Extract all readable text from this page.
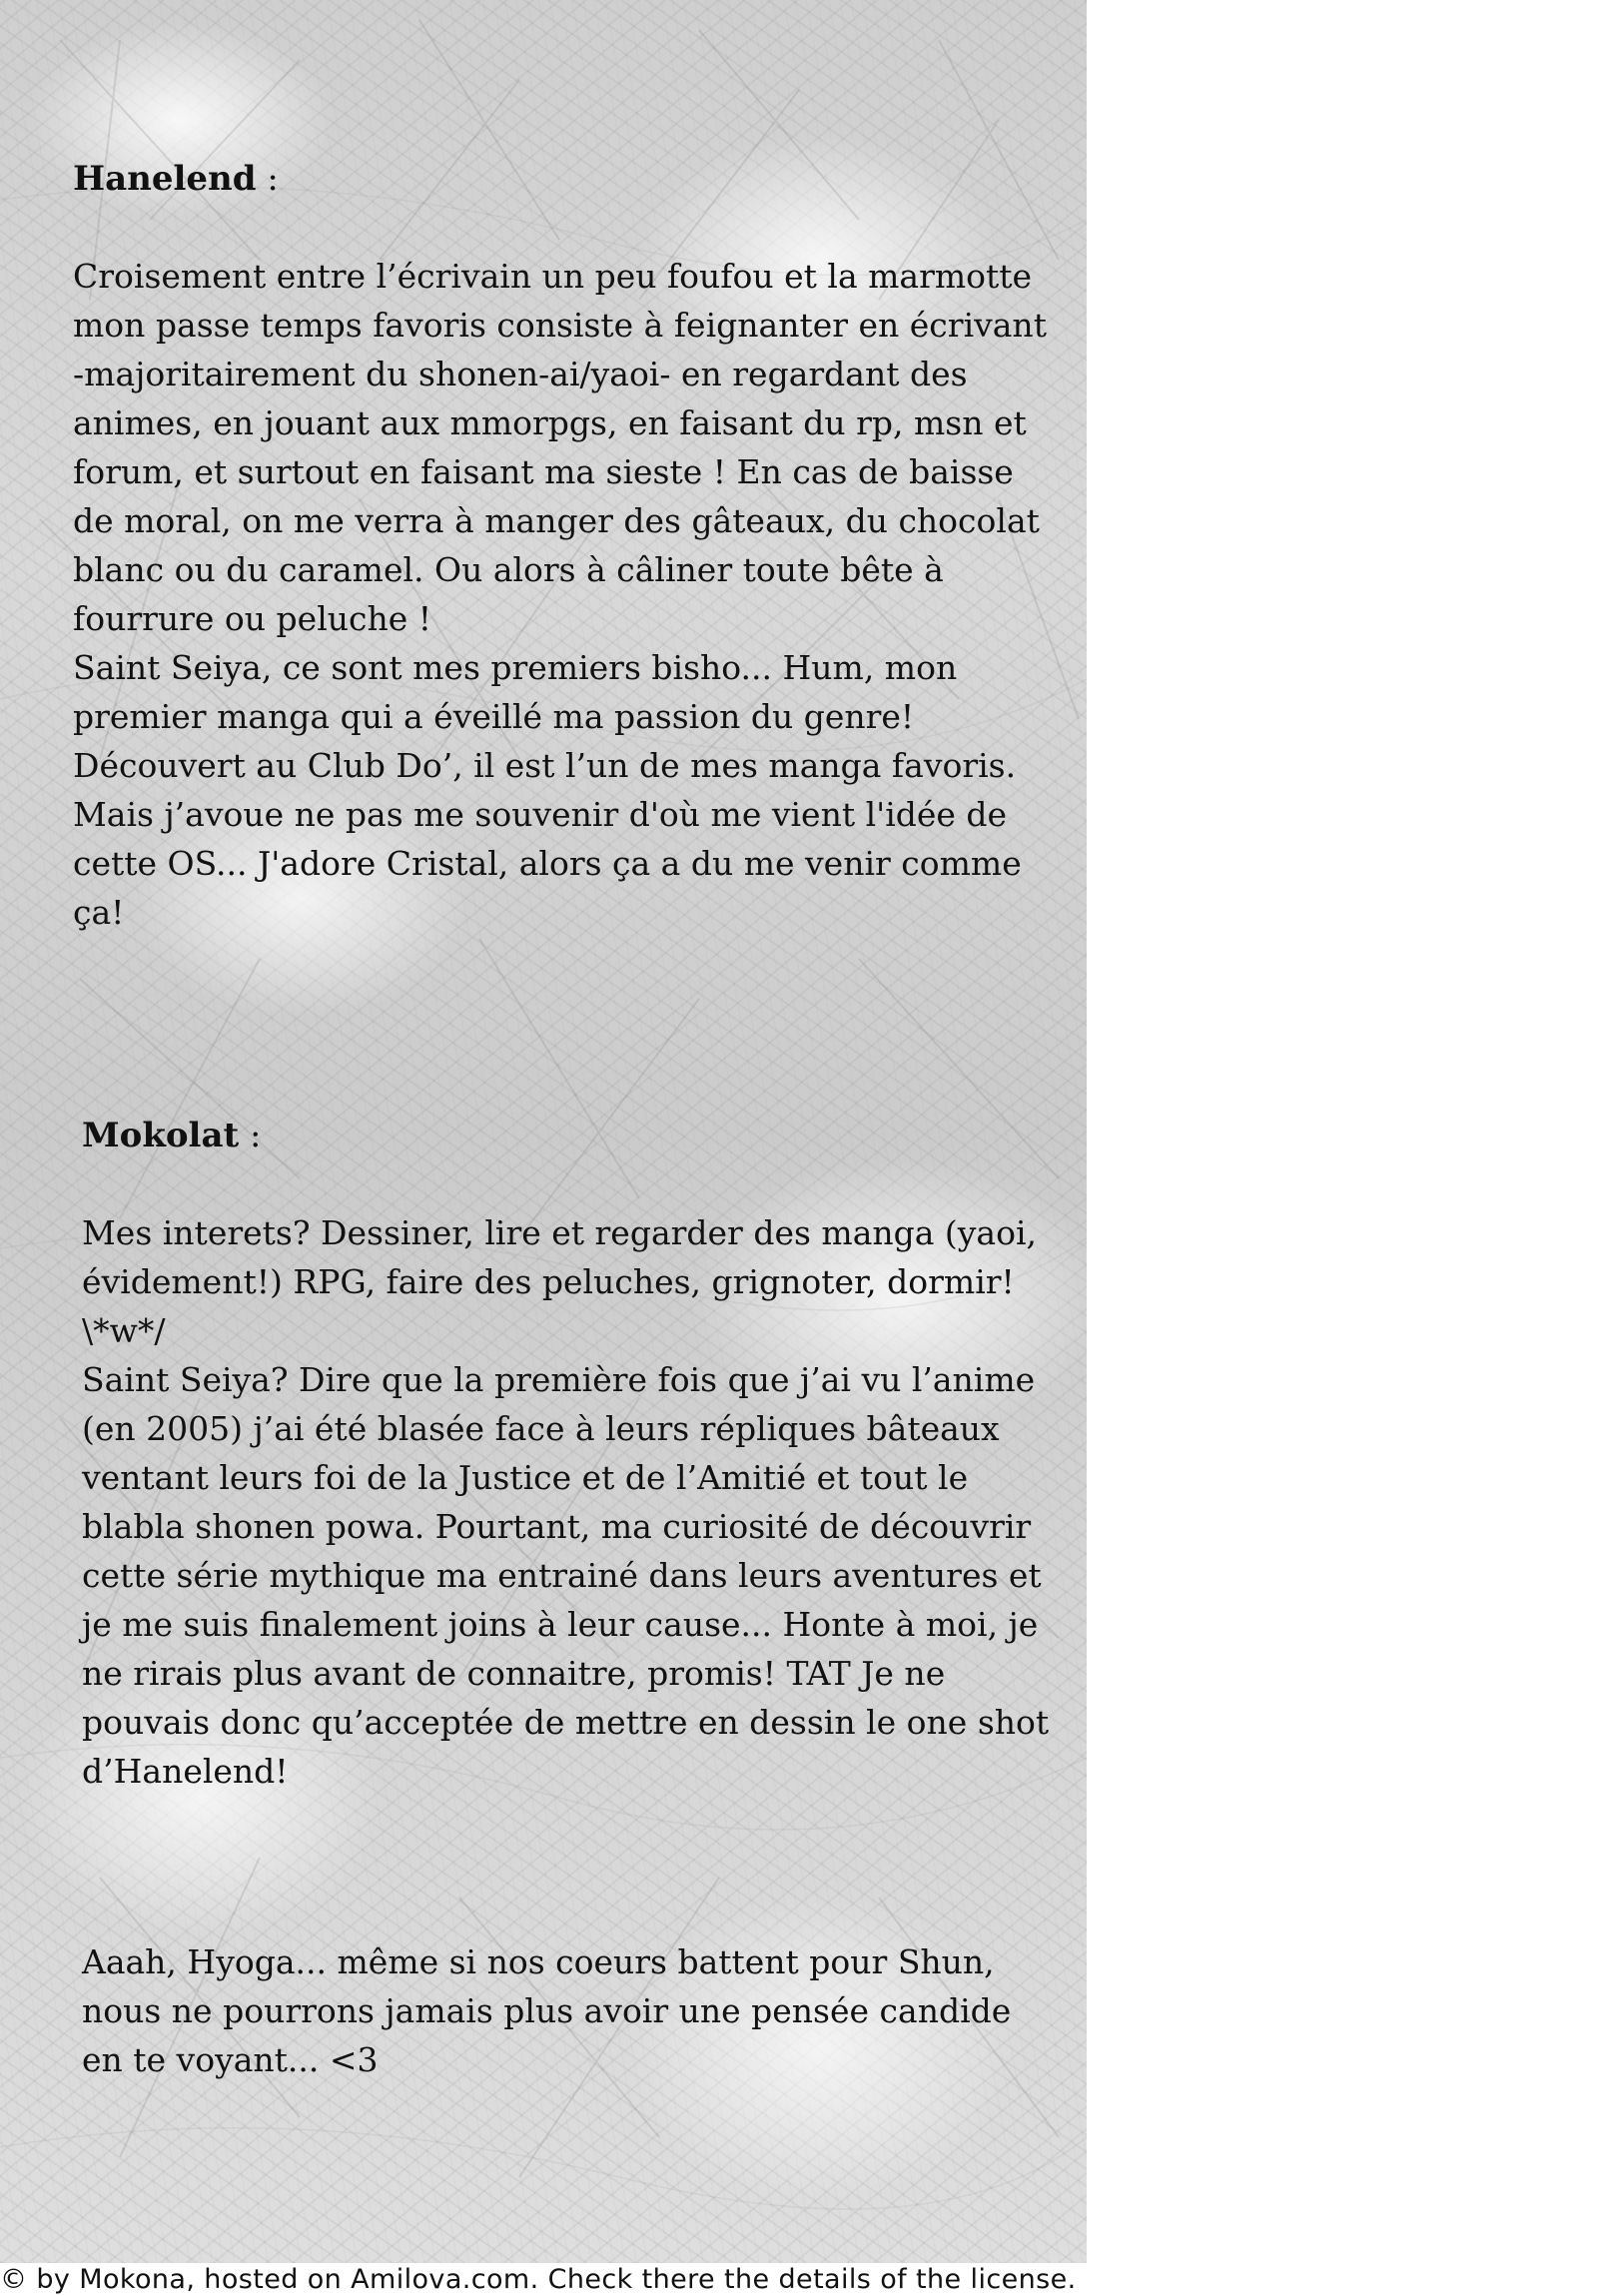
Hanelend :
Croisement entre l’écrivain un peu foufou et la marmotte
mon passe temps favoris consiste à feignanter en écrivant
-majoritairement du shonen-ai/yaoi- en regardant des
animes, en jouant aux mmorpgs, en faisant du rp, msn et
forum, et surtout en faisant ma sieste ! En cas de baisse
de moral, on me verra à manger des gâteaux, du chocolat
blanc ou du caramel. Ou alors à câliner toute bête à
fourrure ou peluche !
Saint Seiya, ce sont mes premiers bisho... Hum, mon
premier manga qui a éveillé ma passion du genre!
Découvert au Club Do’, il est l’un de mes manga favoris.
Mais j’avoue ne pas me souvenir d'où me vient l'idée de
cette OS... J'adore Cristal, alors ça a du me venir comme
ça!
Mokolat :
Mes interets? Dessiner, lire et regarder des manga (yaoi,
évidement!) RPG, faire des peluches, grignoter, dormir!
\*w*/
Saint Seiya? Dire que la première fois que j’ai vu l’anime
(en 2005) j’ai été blasée face à leurs répliques bâteaux
ventant leurs foi de la Justice et de l’Amitié et tout le
blabla shonen powa. Pourtant, ma curiosité de découvrir
cette série mythique ma entrainé dans leurs aventures et
je me suis finalement joins à leur cause... Honte à moi, je
ne rirais plus avant de connaitre, promis! TAT Je ne
pouvais donc qu’acceptée de mettre en dessin le one shot
d’Hanelend!
Aaah, Hyoga... même si nos coeurs battent pour Shun,
nous ne pourrons jamais plus avoir une pensée candide
en te voyant... <3
© by Mokona, hosted on Amilova.com. Check there the details of the license.
